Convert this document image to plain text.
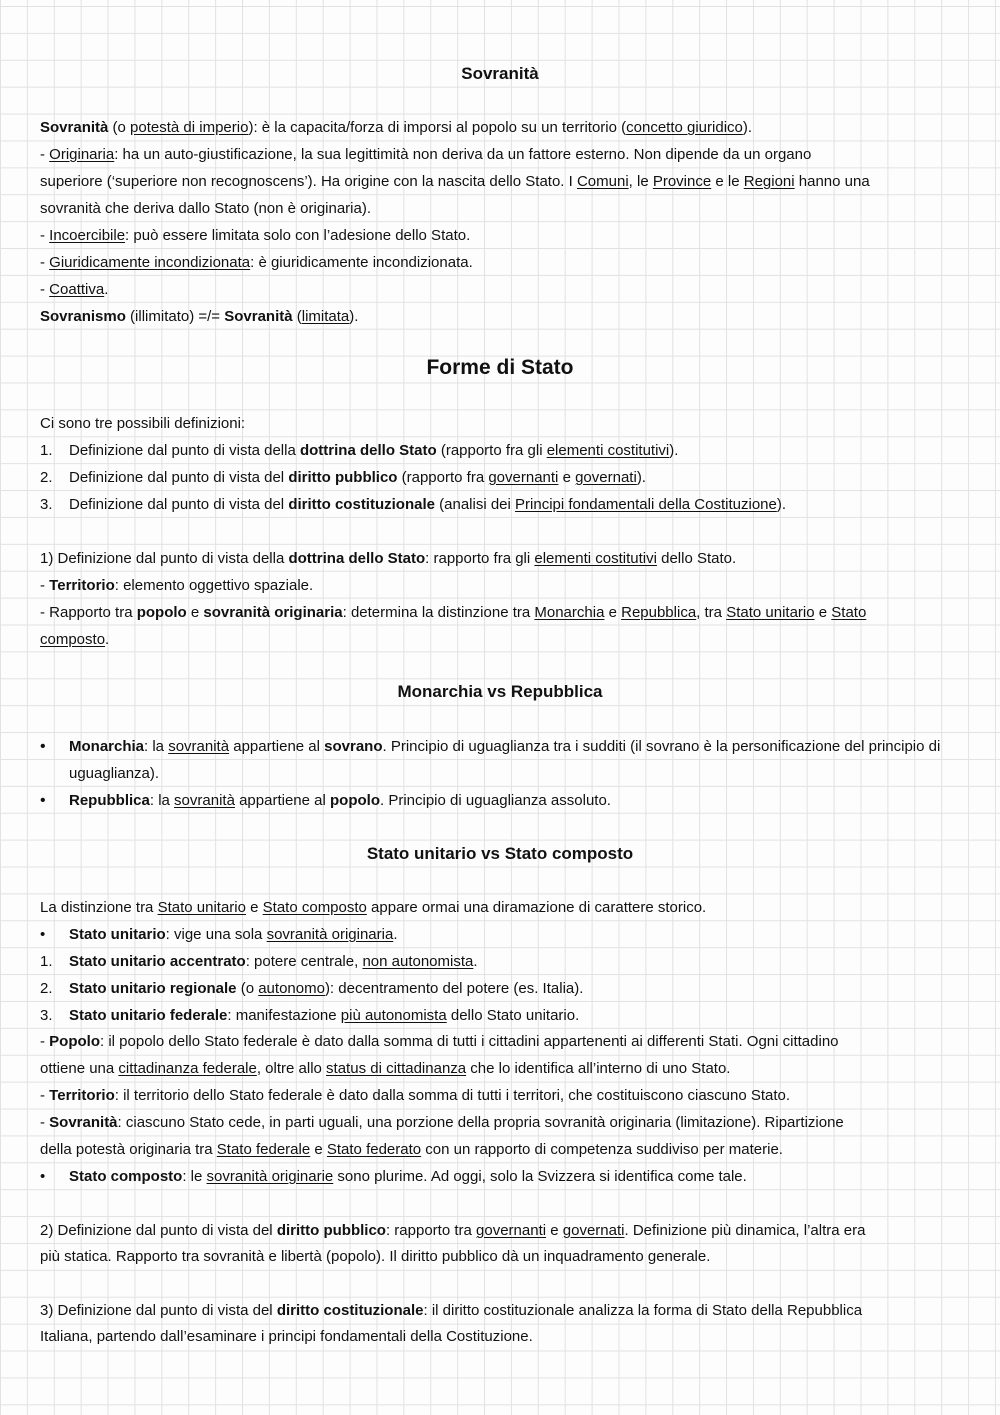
Sovranità
Sovranità (o potestà di imperio): è la capacita/forza di imporsi al popolo su un territorio (concetto giuridico).
- Originaria: ha un auto-giustificazione, la sua legittimità non deriva da un fattore esterno. Non dipende da un organo
superiore (‘superiore non recognoscens’). Ha origine con la nascita dello Stato. I Comuni, le Province e le Regioni hanno una
sovranità che deriva dallo Stato (non è originaria).
- Incoercibile: può essere limitata solo con l’adesione dello Stato.
- Giuridicamente incondizionata: è giuridicamente incondizionata.
- Coattiva.
Sovranismo (illimitato) =/= Sovranità (limitata).
Forme di Stato
Ci sono tre possibili definizioni:
1. Definizione dal punto di vista della dottrina dello Stato (rapporto fra gli elementi costitutivi).
2. Definizione dal punto di vista del diritto pubblico (rapporto fra governanti e governati).
3. Definizione dal punto di vista del diritto costituzionale (analisi dei Principi fondamentali della Costituzione).
1) Definizione dal punto di vista della dottrina dello Stato: rapporto fra gli elementi costitutivi dello Stato.
- Territorio: elemento oggettivo spaziale.
- Rapporto tra popolo e sovranità originaria: determina la distinzione tra Monarchia e Repubblica, tra Stato unitario e Stato
composto.
Monarchia vs Repubblica
•	Monarchia: la sovranità appartiene al sovrano. Principio di uguaglianza tra i sudditi (il sovrano è la personificazione del principio di uguaglianza).
•	Repubblica: la sovranità appartiene al popolo. Principio di uguaglianza assoluto.
Stato unitario vs Stato composto
La distinzione tra Stato unitario e Stato composto appare ormai una diramazione di carattere storico.
• Stato unitario: vige una sola sovranità originaria.
1. Stato unitario accentrato: potere centrale, non autonomista.
2. Stato unitario regionale (o autonomo): decentramento del potere (es. Italia).
3. Stato unitario federale: manifestazione più autonomista dello Stato unitario.
- Popolo: il popolo dello Stato federale è dato dalla somma di tutti i cittadini appartenenti ai differenti Stati. Ogni cittadino
ottiene una cittadinanza federale, oltre allo status di cittadinanza che lo identifica all’interno di uno Stato.
- Territorio: il territorio dello Stato federale è dato dalla somma di tutti i territori, che costituiscono ciascuno Stato.
- Sovranità: ciascuno Stato cede, in parti uguali, una porzione della propria sovranità originaria (limitazione). Ripartizione
della potestà originaria tra Stato federale e Stato federato con un rapporto di competenza suddiviso per materie.
• Stato composto: le sovranità originarie sono plurime. Ad oggi, solo la Svizzera si identifica come tale.
2) Definizione dal punto di vista del diritto pubblico: rapporto tra governanti e governati. Definizione più dinamica, l’altra era
più statica. Rapporto tra sovranità e libertà (popolo). Il diritto pubblico dà un inquadramento generale.
3) Definizione dal punto di vista del diritto costituzionale: il diritto costituzionale analizza la forma di Stato della Repubblica
Italiana, partendo dall’esaminare i principi fondamentali della Costituzione.
